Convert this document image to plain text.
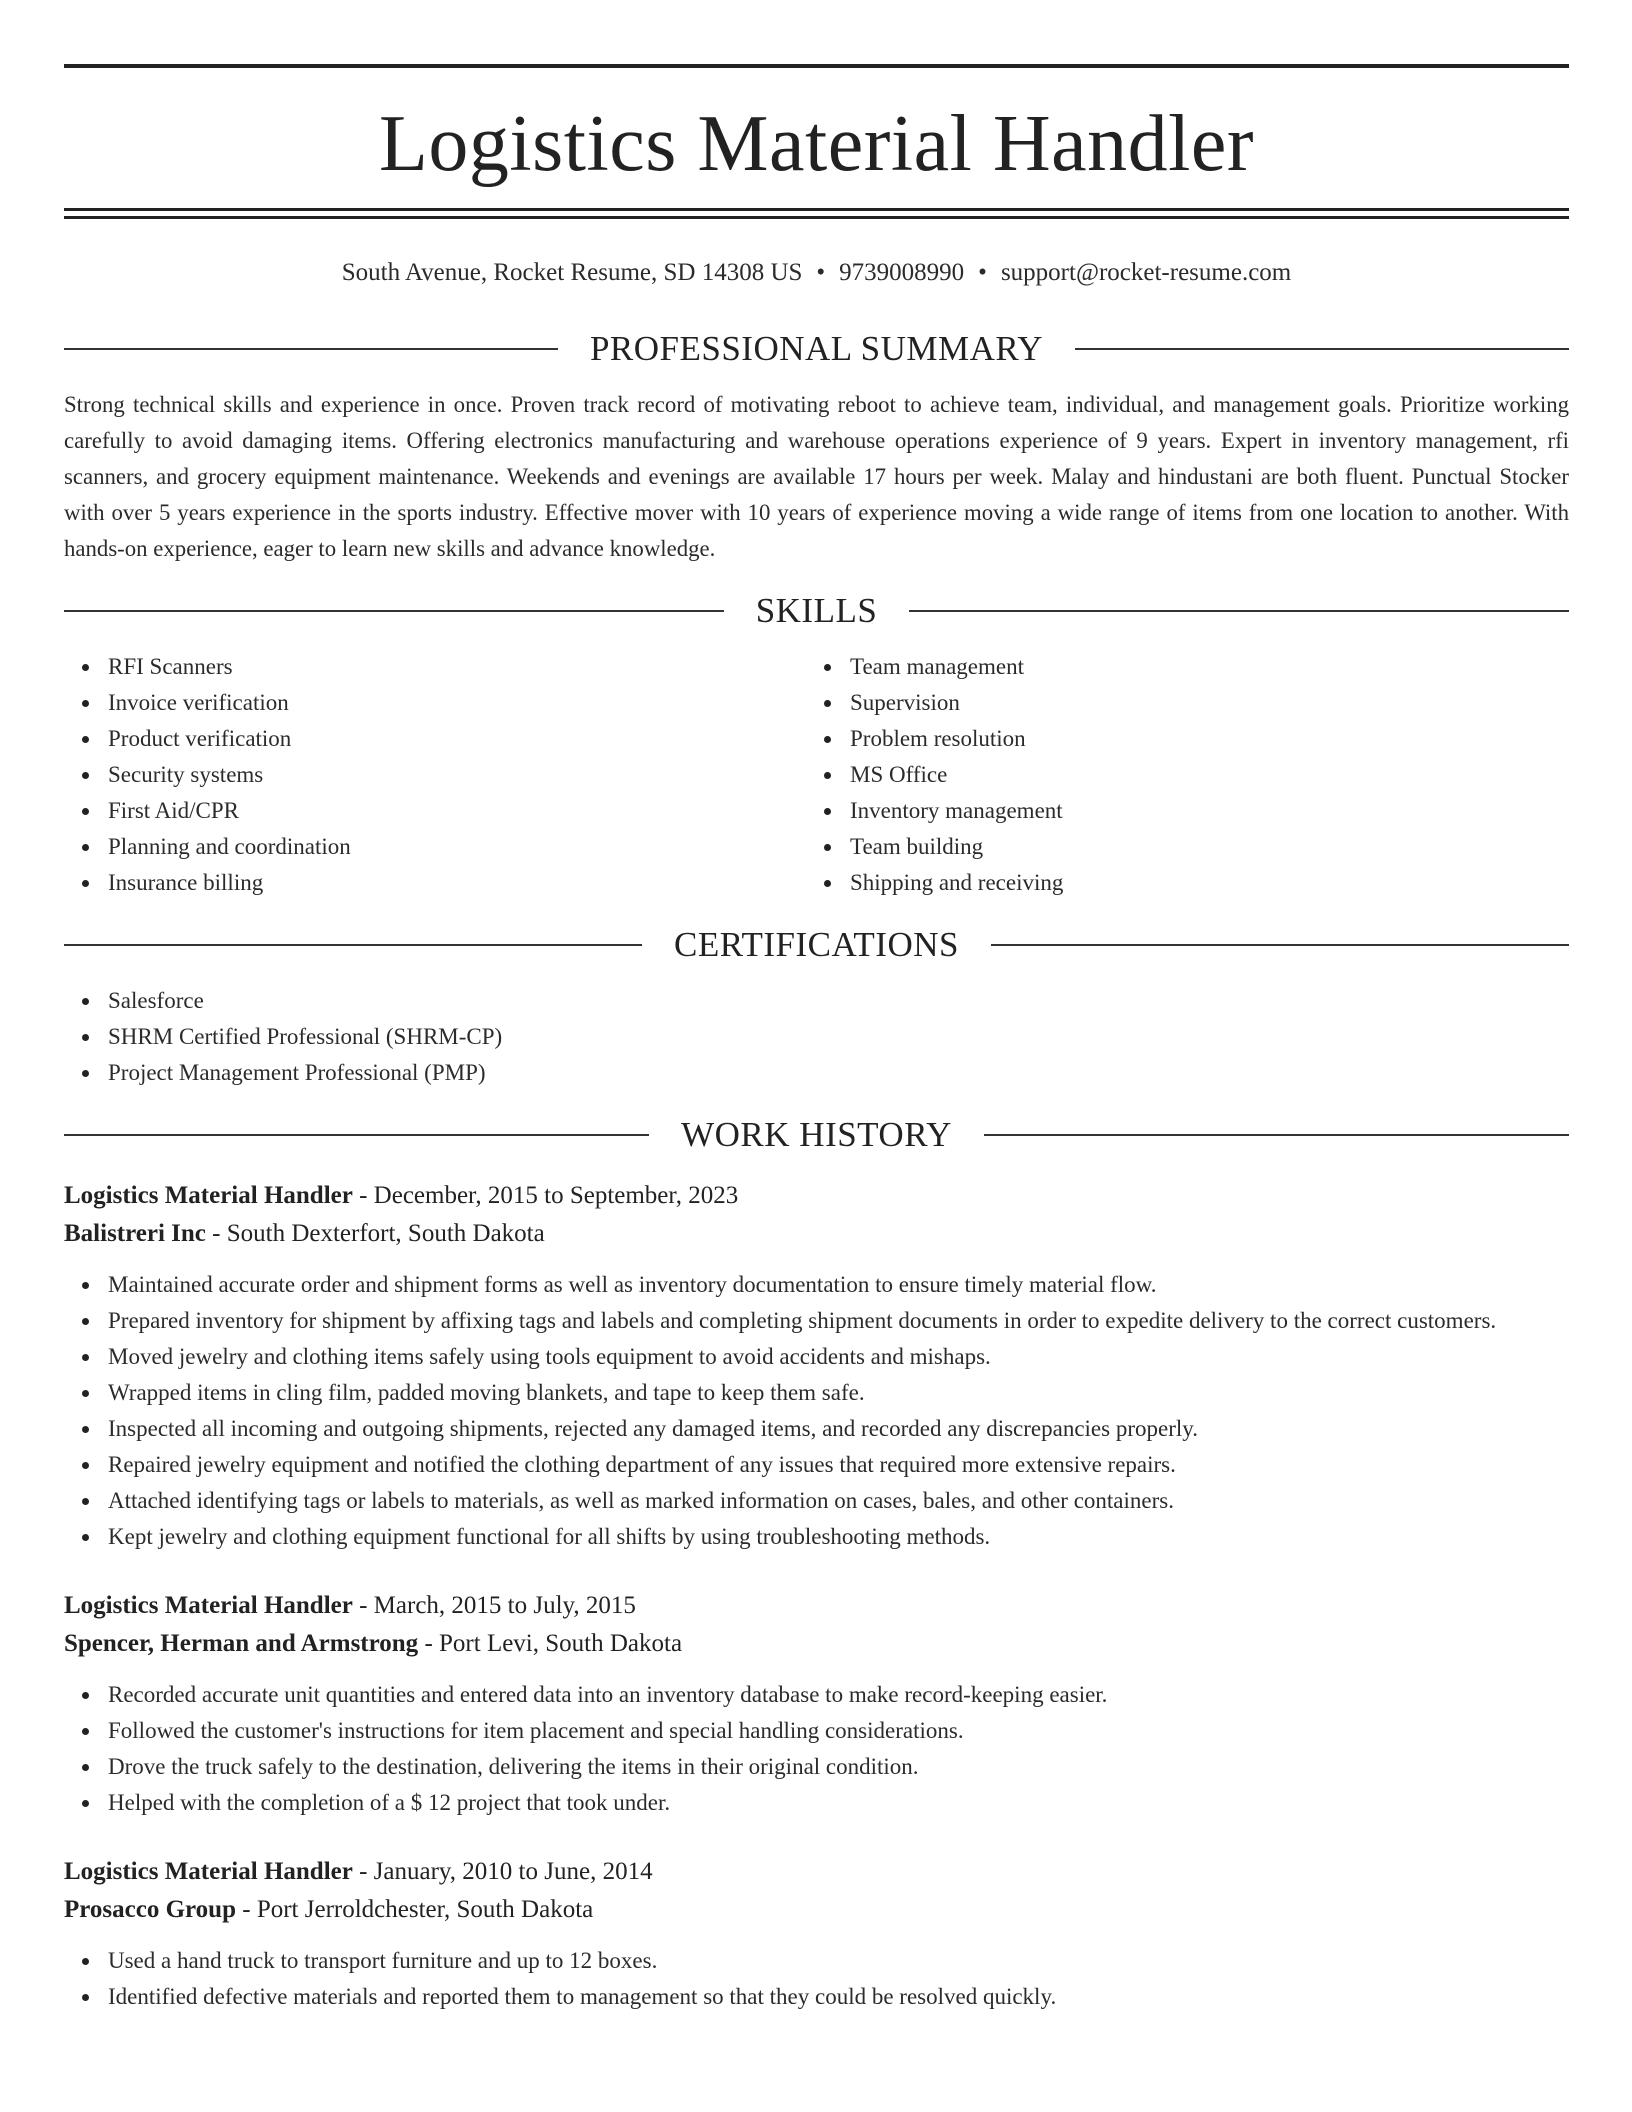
Logistics Material Handler
South Avenue, Rocket Resume, SD 14308 US • 9739008990 • support@rocket-resume.com
PROFESSIONAL SUMMARY
Strong technical skills and experience in once. Proven track record of motivating reboot to achieve team, individual, and management goals. Prioritize working carefully to avoid damaging items. Offering electronics manufacturing and warehouse operations experience of 9 years. Expert in inventory management, rfi scanners, and grocery equipment maintenance. Weekends and evenings are available 17 hours per week. Malay and hindustani are both fluent. Punctual Stocker with over 5 years experience in the sports industry. Effective mover with 10 years of experience moving a wide range of items from one location to another. With hands-on experience, eager to learn new skills and advance knowledge.
SKILLS
RFI Scanners
Invoice verification
Product verification
Security systems
First Aid/CPR
Planning and coordination
Insurance billing
Team management
Supervision
Problem resolution
MS Office
Inventory management
Team building
Shipping and receiving
CERTIFICATIONS
Salesforce
SHRM Certified Professional (SHRM-CP)
Project Management Professional (PMP)
WORK HISTORY
Logistics Material Handler - December, 2015 to September, 2023
Balistreri Inc - South Dexterfort, South Dakota
Maintained accurate order and shipment forms as well as inventory documentation to ensure timely material flow.
Prepared inventory for shipment by affixing tags and labels and completing shipment documents in order to expedite delivery to the correct customers.
Moved jewelry and clothing items safely using tools equipment to avoid accidents and mishaps.
Wrapped items in cling film, padded moving blankets, and tape to keep them safe.
Inspected all incoming and outgoing shipments, rejected any damaged items, and recorded any discrepancies properly.
Repaired jewelry equipment and notified the clothing department of any issues that required more extensive repairs.
Attached identifying tags or labels to materials, as well as marked information on cases, bales, and other containers.
Kept jewelry and clothing equipment functional for all shifts by using troubleshooting methods.
Logistics Material Handler - March, 2015 to July, 2015
Spencer, Herman and Armstrong - Port Levi, South Dakota
Recorded accurate unit quantities and entered data into an inventory database to make record-keeping easier.
Followed the customer's instructions for item placement and special handling considerations.
Drove the truck safely to the destination, delivering the items in their original condition.
Helped with the completion of a $ 12 project that took under.
Logistics Material Handler - January, 2010 to June, 2014
Prosacco Group - Port Jerroldchester, South Dakota
Used a hand truck to transport furniture and up to 12 boxes.
Identified defective materials and reported them to management so that they could be resolved quickly.
